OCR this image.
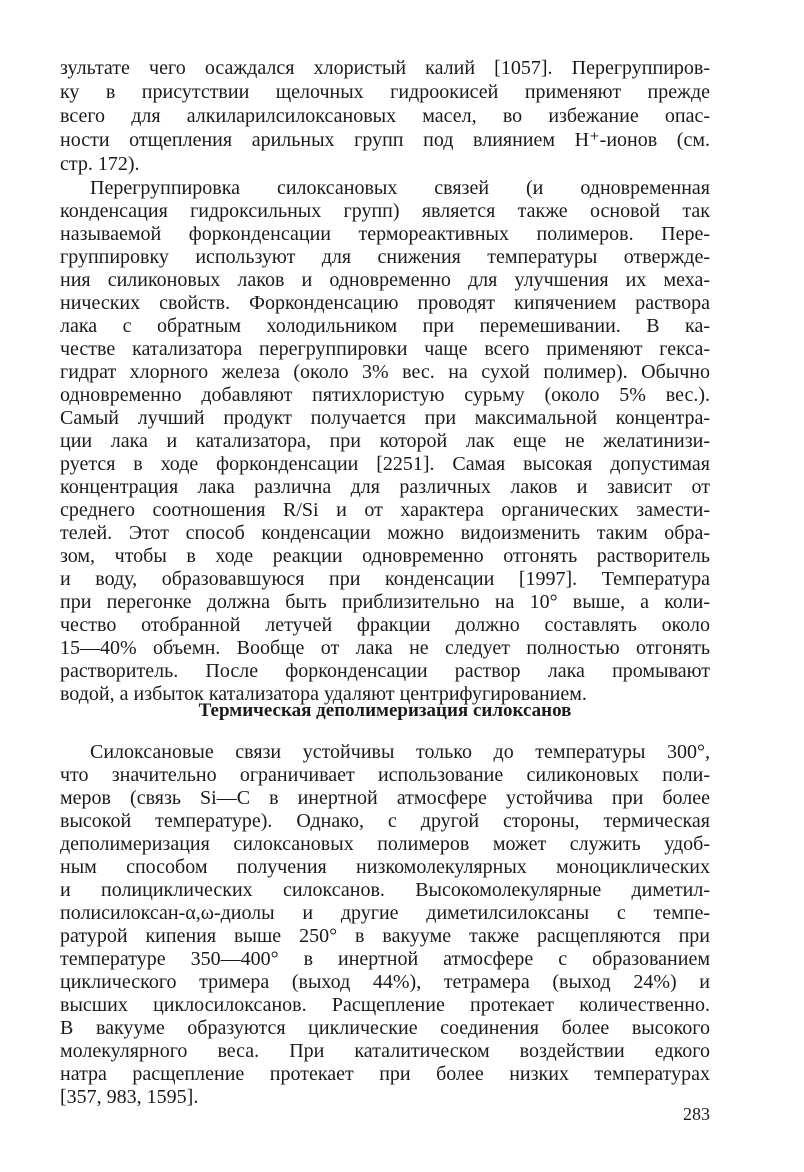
зультате чего осаждался хлористый калий [1057]. Перегруппиров-
ку в присутствии щелочных гидроокисей применяют прежде
всего для алкиларилсилоксановых масел, во избежание опас-
ности отщепления арильных групп под влиянием H⁺-ионов (см.
стр. 172).
Перегруппировка силоксановых связей (и одновременная
конденсация гидроксильных групп) является также основой так
называемой форконденсации термореактивных полимеров. Пере-
группировку используют для снижения температуры отвержде-
ния силиконовых лаков и одновременно для улучшения их меха-
нических свойств. Форконденсацию проводят кипячением раствора
лака с обратным холодильником при перемешивании. В ка-
честве катализатора перегруппировки чаще всего применяют гекса-
гидрат хлорного железа (около 3% вес. на сухой полимер). Обычно
одновременно добавляют пятихлористую сурьму (около 5% вес.).
Самый лучший продукт получается при максимальной концентра-
ции лака и катализатора, при которой лак еще не желатинизи-
руется в ходе форконденсации [2251]. Самая высокая допустимая
концентрация лака различна для различных лаков и зависит от
среднего соотношения R/Si и от характера органических замести-
телей. Этот способ конденсации можно видоизменить таким обра-
зом, чтобы в ходе реакции одновременно отгонять растворитель
и воду, образовавшуюся при конденсации [1997]. Температура
при перегонке должна быть приблизительно на 10° выше, а коли-
чество отобранной летучей фракции должно составлять около
15—40% объемн. Вообще от лака не следует полностью отгонять
растворитель. После форконденсации раствор лака промывают
водой, а избыток катализатора удаляют центрифугированием.
Термическая деполимеризация силоксанов
Силоксановые связи устойчивы только до температуры 300°,
что значительно ограничивает использование силиконовых поли-
меров (связь Si—C в инертной атмосфере устойчива при более
высокой температуре). Однако, с другой стороны, термическая
деполимеризация силоксановых полимеров может служить удоб-
ным способом получения низкомолекулярных моноциклических
и полициклических силоксанов. Высокомолекулярные диметил-
полисилоксан-α,ω-диолы и другие диметилсилоксаны с темпе-
ратурой кипения выше 250° в вакууме также расщепляются при
температуре 350—400° в инертной атмосфере с образованием
циклического тримера (выход 44%), тетрамера (выход 24%) и
высших циклосилоксанов. Расщепление протекает количественно.
В вакууме образуются циклические соединения более высокого
молекулярного веса. При каталитическом воздействии едкого
натра расщепление протекает при более низких температурах
[357, 983, 1595].
283
